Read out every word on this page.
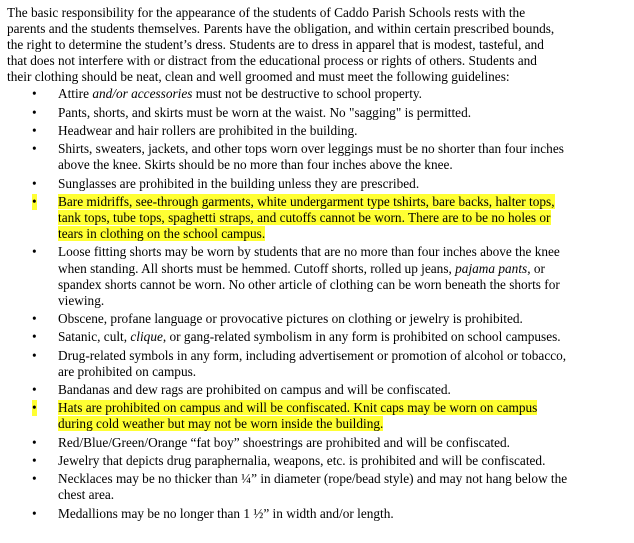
The basic responsibility for the appearance of the students of Caddo Parish Schools rests with the
parents and the students themselves. Parents have the obligation, and within certain prescribed bounds,
the right to determine the student’s dress. Students are to dress in apparel that is modest, tasteful, and
that does not interfere with or distract from the educational process or rights of others. Students and
their clothing should be neat, clean and well groomed and must meet the following guidelines:

• Attire and/or accessories must not be destructive to school property.
• Pants, shorts, and skirts must be worn at the waist. No "sagging" is permitted.
• Headwear and hair rollers are prohibited in the building.
• Shirts, sweaters, jackets, and other tops worn over leggings must be no shorter than four inches
above the knee. Skirts should be no more than four inches above the knee.
• Sunglasses are prohibited in the building unless they are prescribed.
• Bare midriffs, see-through garments, white undergarment type tshirts, bare backs, halter tops,
tank tops, tube tops, spaghetti straps, and cutoffs cannot be worn. There are to be no holes or
tears in clothing on the school campus.
• Loose fitting shorts may be worn by students that are no more than four inches above the knee
when standing. All shorts must be hemmed. Cutoff shorts, rolled up jeans, pajama pants, or
spandex shorts cannot be worn. No other article of clothing can be worn beneath the shorts for
viewing.
• Obscene, profane language or provocative pictures on clothing or jewelry is prohibited.
• Satanic, cult, clique, or gang-related symbolism in any form is prohibited on school campuses.
• Drug-related symbols in any form, including advertisement or promotion of alcohol or tobacco,
are prohibited on campus.
• Bandanas and dew rags are prohibited on campus and will be confiscated.
• Hats are prohibited on campus and will be confiscated. Knit caps may be worn on campus
during cold weather but may not be worn inside the building.
• Red/Blue/Green/Orange “fat boy” shoestrings are prohibited and will be confiscated.
• Jewelry that depicts drug paraphernalia, weapons, etc. is prohibited and will be confiscated.
• Necklaces may be no thicker than ¼” in diameter (rope/bead style) and may not hang below the
chest area.
• Medallions may be no longer than 1 ½” in width and/or length.
